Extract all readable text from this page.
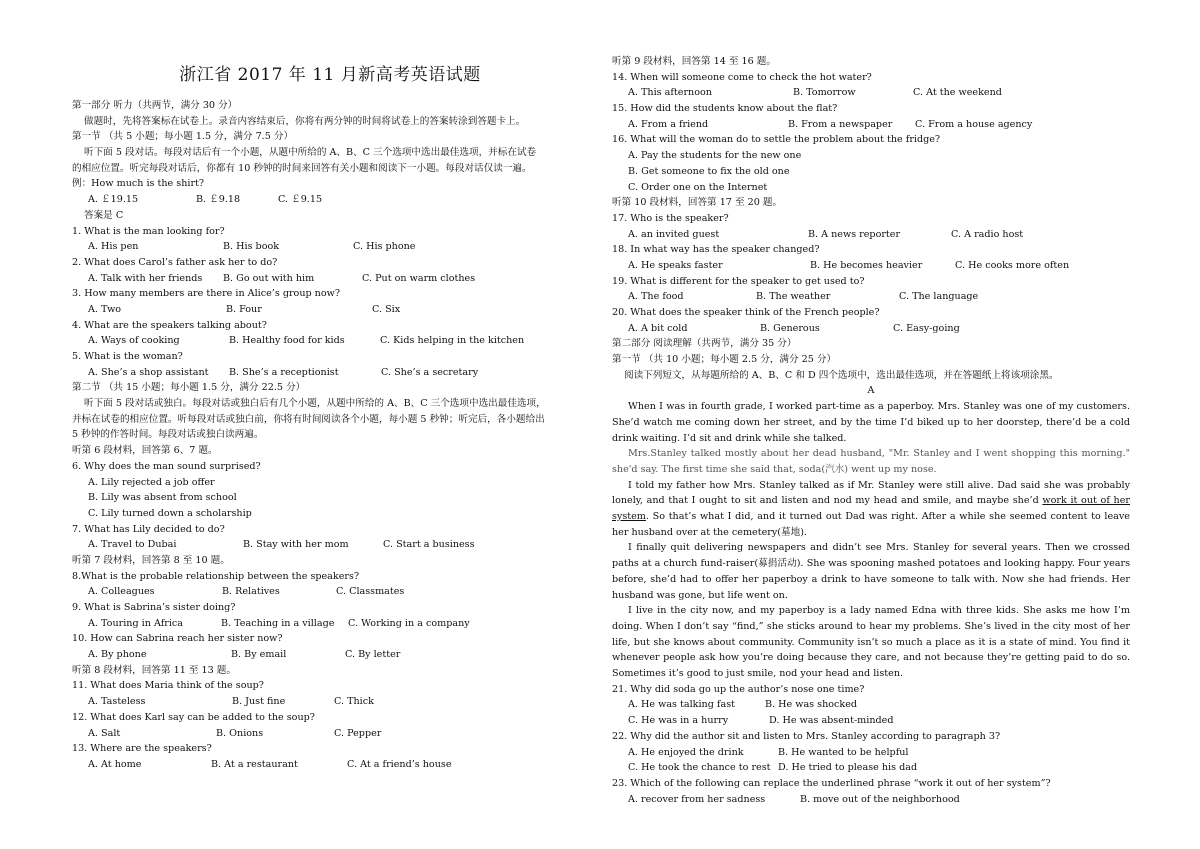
浙江省 2017 年 11 月新高考英语试题
第一部分 听力（共两节，满分 30 分）
做题时，先将答案标在试卷上。录音内容结束后，你将有两分钟的时间将试卷上的答案转涂到答题卡上。
第一节 （共 5 小题；每小题 1.5 分，满分 7.5 分）
听下面 5 段对话。每段对话后有一个小题，从题中所给的 A、B、C 三个选项中选出最佳选项，并标在试卷
的相应位置。听完每段对话后，你都有 10 秒钟的时间来回答有关小题和阅读下一小题。每段对话仅读一遍。
例：How much is the shirt?
A. ￡19.15	B. ￡9.18	C. ￡9.15
答案是 C
1. What is the man looking for?
A. His pen	B. His book	C. His phone
2. What does Carol’s father ask her to do?
A. Talk with her friends	B. Go out with him	C. Put on warm clothes
3. How many members are there in Alice’s group now?
A. Two	B. Four	C. Six
4. What are the speakers talking about?
A. Ways of cooking	B. Healthy food for kids	C. Kids helping in the kitchen
5. What is the woman?
A. She’s a shop assistant	B. She’s a receptionist	C. She’s a secretary
第二节 （共 15 小题；每小题 1.5 分，满分 22.5 分）
听下面 5 段对话或独白。每段对话或独白后有几个小题，从题中所给的 A、B、C 三个选项中选出最佳选项，
并标在试卷的相应位置。听每段对话或独白前，你将有时间阅读各个小题，每小题 5 秒钟；听完后，各小题给出
5 秒钟的作答时间。每段对话或独白读两遍。
听第 6 段材料，回答第 6、7 题。
6. Why does the man sound surprised?
A. Lily rejected a job offer
B. Lily was absent from school
C. Lily turned down a scholarship
7. What has Lily decided to do?
A. Travel to Dubai	B. Stay with her mom	C. Start a business
听第 7 段材料，回答第 8 至 10 题。
8.What is the probable relationship between the speakers?
A. Colleagues	B. Relatives	C. Classmates
9. What is Sabrina’s sister doing?
A. Touring in Africa	B. Teaching in a village	C. Working in a company
10. How can Sabrina reach her sister now?
A. By phone	B. By email	C. By letter
听第 8 段材料，回答第 11 至 13 题。
11. What does Maria think of the soup?
A. Tasteless	B. Just fine	C. Thick
12. What does Karl say can be added to the soup?
A. Salt	B. Onions	C. Pepper
13. Where are the speakers?
A. At home	B. At a restaurant	C. At a friend’s house
听第 9 段材料，回答第 14 至 16 题。
14. When will someone come to check the hot water?
A. This afternoon	B. Tomorrow	C. At the weekend
15. How did the students know about the flat?
A. From a friend	B. From a newspaper	C. From a house agency
16. What will the woman do to settle the problem about the fridge?
A. Pay the students for the new one
B. Get someone to fix the old one
C. Order one on the Internet
听第 10 段材料，回答第 17 至 20 题。
17. Who is the speaker?
A. an invited guest	B. A news reporter	C. A radio host
18. In what way has the speaker changed?
A. He speaks faster	B. He becomes heavier	C. He cooks more often
19. What is different for the speaker to get used to?
A. The food	B. The weather	C. The language
20. What does the speaker think of the French people?
A. A bit cold	B. Generous	C. Easy-going
第二部分 阅读理解（共两节，满分 35 分）
第一节 （共 10 小题；每小题 2.5 分，满分 25 分）
阅读下列短文，从每题所给的 A、B、C 和 D 四个选项中，选出最佳选项，并在答题纸上将该项涂黑。
A
When I was in fourth grade, I worked part-time as a paperboy. Mrs. Stanley was one of my customers. She’d watch me coming down her street, and by the time I’d biked up to her doorstep, there’d be a cold drink waiting. I’d sit and drink while she talked.
Mrs.Stanley talked mostly about her dead husband, "Mr. Stanley and I went shopping this morning." she'd say. The first time she said that, soda(汽水) went up my nose.
I told my father how Mrs. Stanley talked as if Mr. Stanley were still alive. Dad said she was probably lonely, and that I ought to sit and listen and nod my head and smile, and maybe she’d work it out of her system. So that’s what I did, and it turned out Dad was right. After a while she seemed content to leave her husband over at the cemetery(墓地).
I finally quit delivering newspapers and didn’t see Mrs. Stanley for several years. Then we crossed paths at a church fund-raiser(募捐活动). She was spooning mashed potatoes and looking happy. Four years before, she’d had to offer her paperboy a drink to have someone to talk with. Now she had friends. Her husband was gone, but life went on.
I live in the city now, and my paperboy is a lady named Edna with three kids. She asks me how I’m doing. When I don’t say “find,” she sticks around to hear my problems. She’s lived in the city most of her life, but she knows about community. Community isn’t so much a place as it is a state of mind. You find it whenever people ask how you’re doing because they care, and not because they’re getting paid to do so. Sometimes it’s good to just smile, nod your head and listen.
21. Why did soda go up the author’s nose one time?
A. He was talking fast	B. He was shocked
C. He was in a hurry	D. He was absent-minded
22. Why did the author sit and listen to Mrs. Stanley according to paragraph 3?
A. He enjoyed the drink	B. He wanted to be helpful
C. He took the chance to rest D. He tried to please his dad
23. Which of the following can replace the underlined phrase “work it out of her system”?
A. recover from her sadness	B. move out of the neighborhood
